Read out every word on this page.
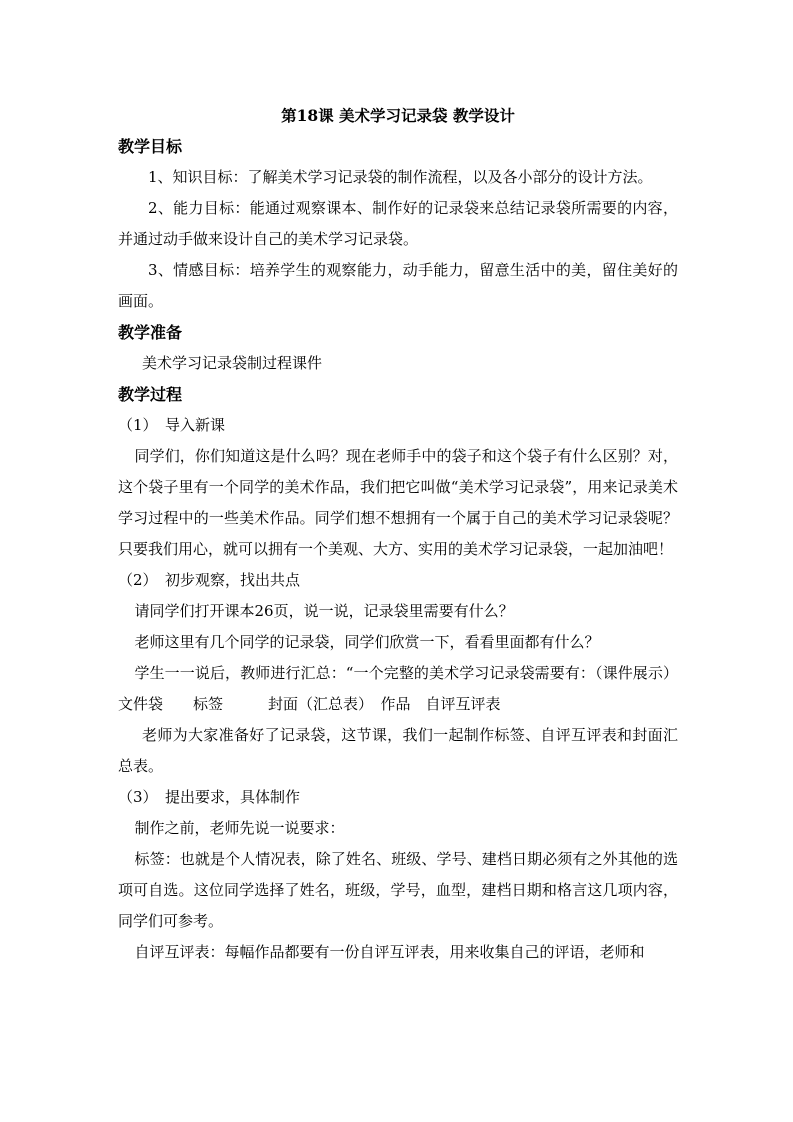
第18课 美术学习记录袋 教学设计
教学目标

1、知识目标：了解美术学习记录袋的制作流程，以及各小部分的设计方法。

2、能力目标：能通过观察课本、制作好的记录袋来总结记录袋所需要的内容，并通过动手做来设计自己的美术学习记录袋。

3、情感目标：培养学生的观察能力，动手能力，留意生活中的美，留住美好的画面。

教学准备

美术学习记录袋制过程课件

教学过程

（1）　导入新课

同学们，你们知道这是什么吗？现在老师手中的袋子和这个袋子有什么区别？对，这个袋子里有一个同学的美术作品，我们把它叫做“美术学习记录袋”，用来记录美术学习过程中的一些美术作品。同学们想不想拥有一个属于自己的美术学习记录袋呢？只要我们用心，就可以拥有一个美观、大方、实用的美术学习记录袋，一起加油吧！

（2）　初步观察，找出共点

请同学们打开课本26页，说一说，记录袋里需要有什么？

老师这里有几个同学的记录袋，同学们欣赏一下，看看里面都有什么？

学生一一说后，教师进行汇总：“一个完整的美术学习记录袋需要有：（课件展示）文件袋　　标签　　　封面（汇总表）　作品　自评互评表

老师为大家准备好了记录袋，这节课，我们一起制作标签、自评互评表和封面汇总表。

（3）　提出要求，具体制作

制作之前，老师先说一说要求：

标签：也就是个人情况表，除了姓名、班级、学号、建档日期必须有之外其他的选项可自选。这位同学选择了姓名，班级，学号，血型，建档日期和格言这几项内容，同学们可参考。

自评互评表：每幅作品都要有一份自评互评表，用来收集自己的评语，老师和
